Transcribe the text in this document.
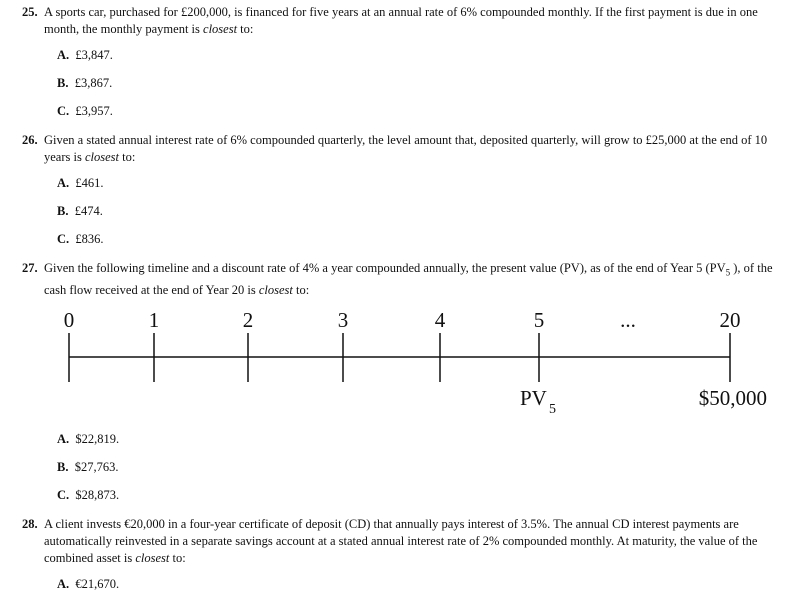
25. A sports car, purchased for £200,000, is financed for five years at an annual rate of 6% compounded monthly. If the first payment is due in one month, the monthly payment is closest to:
A. £3,847.
B. £3,867.
C. £3,957.
26. Given a stated annual interest rate of 6% compounded quarterly, the level amount that, deposited quarterly, will grow to £25,000 at the end of 10 years is closest to:
A. £461.
B. £474.
C. £836.
27. Given the following timeline and a discount rate of 4% a year compounded annually, the present value (PV), as of the end of Year 5 ($PV_5$ ), of the cash flow received at the end of Year 20 is closest to:
0	1	2	3	4	5	...	20
PV 5	$50,000
A. $22,819.
B. $27,763.
C. $28,873.
28. A client invests €20,000 in a four-year certificate of deposit (CD) that annually pays interest of 3.5%. The annual CD interest payments are automatically reinvested in a separate savings account at a stated annual interest rate of 2% compounded monthly. At maturity, the value of the combined asset is closest to:
A. €21,670.
